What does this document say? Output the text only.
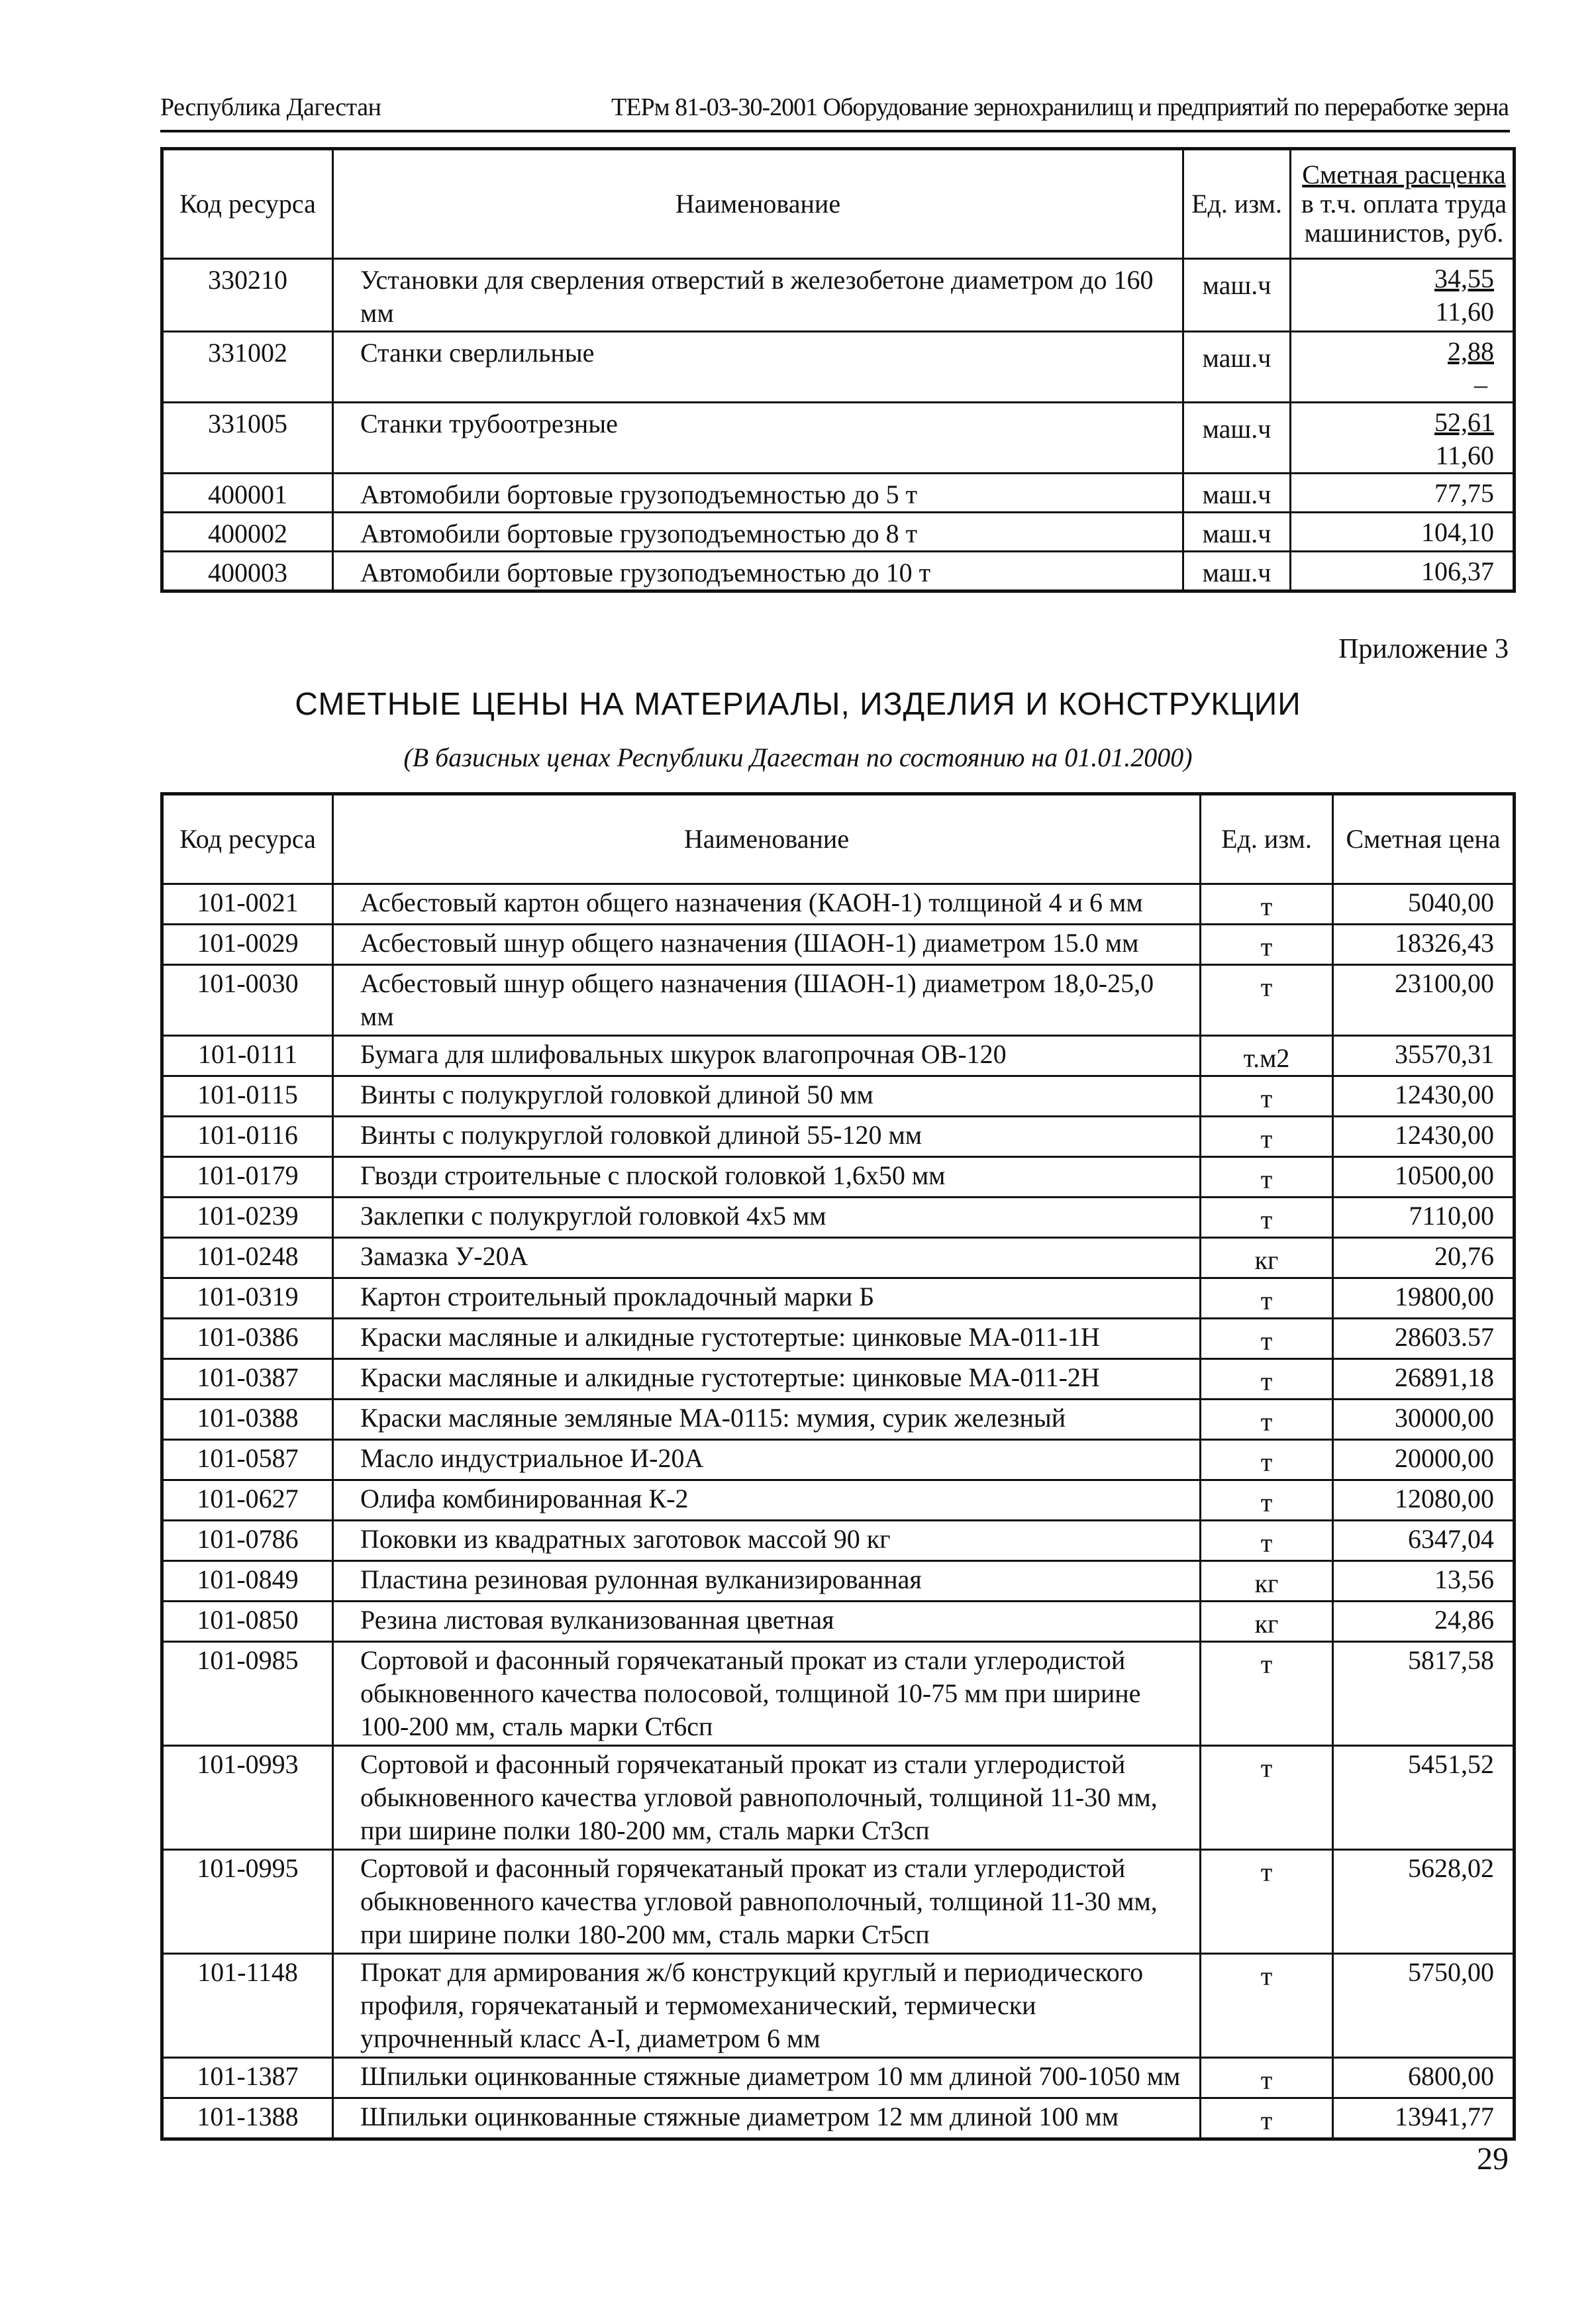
Республика Дагестан	ТЕРм 81-03-30-2001 Оборудование зернохранилищ и предприятий по переработке зерна
Код ресурса	Наименование	Ед. изм.	Сметная расценка
в т.ч. оплата труда
машинистов, руб.

330210	Установки для сверления отверстий в железобетоне диаметром до 160 мм	маш.ч	34,55
11,60
331002	Станки сверлильные	маш.ч	2,88

–

331005	Станки трубоотрезные	маш.ч	52,61
11,60
400001	Автомобили бортовые грузоподъемностью до 5 т	маш.ч	77,75
400002	Автомобили бортовые грузоподъемностью до 8 т	маш.ч	104,10
400003	Автомобили бортовые грузоподъемностью до 10 т	маш.ч	106,37
Приложение 3
СМЕТНЫЕ ЦЕНЫ НА МАТЕРИАЛЫ, ИЗДЕЛИЯ И КОНСТРУКЦИИ
(В базисных ценах Республики Дагестан по состоянию на 01.01.2000)
Код ресурса	Наименование	Ед. изм.	Сметная цена
101-0021	Асбестовый картон общего назначения (КАОН-1) толщиной 4 и 6 мм	т	5040,00
101-0029	Асбестовый шнур общего назначения (ШАОН-1) диаметром 15.0 мм	т	18326,43
101-0030	Асбестовый шнур общего назначения (ШАОН-1) диаметром 18,0-25,0 мм	т	23100,00
101-0111	Бумага для шлифовальных шкурок влагопрочная ОВ-120	т.м2	35570,31
101-0115	Винты с полукруглой головкой длиной 50 мм	т	12430,00
101-0116	Винты с полукруглой головкой длиной 55-120 мм	т	12430,00
101-0179	Гвозди строительные с плоской головкой 1,6х50 мм	т	10500,00
101-0239	Заклепки с полукруглой головкой 4х5 мм	т	7110,00
101-0248	Замазка У-20А	кг	20,76
101-0319	Картон строительный прокладочный марки Б	т	19800,00
101-0386	Краски масляные и алкидные густотертые: цинковые МА-011-1Н	т	28603.57
101-0387	Краски масляные и алкидные густотертые: цинковые МА-011-2Н	т	26891,18
101-0388	Краски масляные земляные МА-0115: мумия, сурик железный	т	30000,00
101-0587	Масло индустриальное И-20А	т	20000,00
101-0627	Олифа комбинированная К-2	т	12080,00
101-0786	Поковки из квадратных заготовок массой 90 кг	т	6347,04
101-0849	Пластина резиновая рулонная вулканизированная	кг	13,56
101-0850	Резина листовая вулканизованная цветная	кг	24,86
101-0985	Сортовой и фасонный горячекатаный прокат из стали углеродистой обыкновенного качества полосовой, толщиной 10-75 мм при ширине 100-200 мм, сталь марки Ст6сп	т	5817,58
101-0993	Сортовой и фасонный горячекатаный прокат из стали углеродистой обыкновенного качества угловой равнополочный, толщиной 11-30 мм, при ширине полки 180-200 мм, сталь марки Ст3сп	т	5451,52
101-0995	Сортовой и фасонный горячекатаный прокат из стали углеродистой обыкновенного качества угловой равнополочный, толщиной 11-30 мм, при ширине полки 180-200 мм, сталь марки Ст5сп	т	5628,02
101-1148	Прокат для армирования ж/б конструкций круглый и периодического профиля, горячекатаный и термомеханический, термически упрочненный класс А-I, диаметром 6 мм	т	5750,00
101-1387	Шпильки оцинкованные стяжные диаметром 10 мм длиной 700-1050 мм	т	6800,00
101-1388	Шпильки оцинкованные стяжные диаметром 12 мм длиной 100 мм	т	13941,77
29
